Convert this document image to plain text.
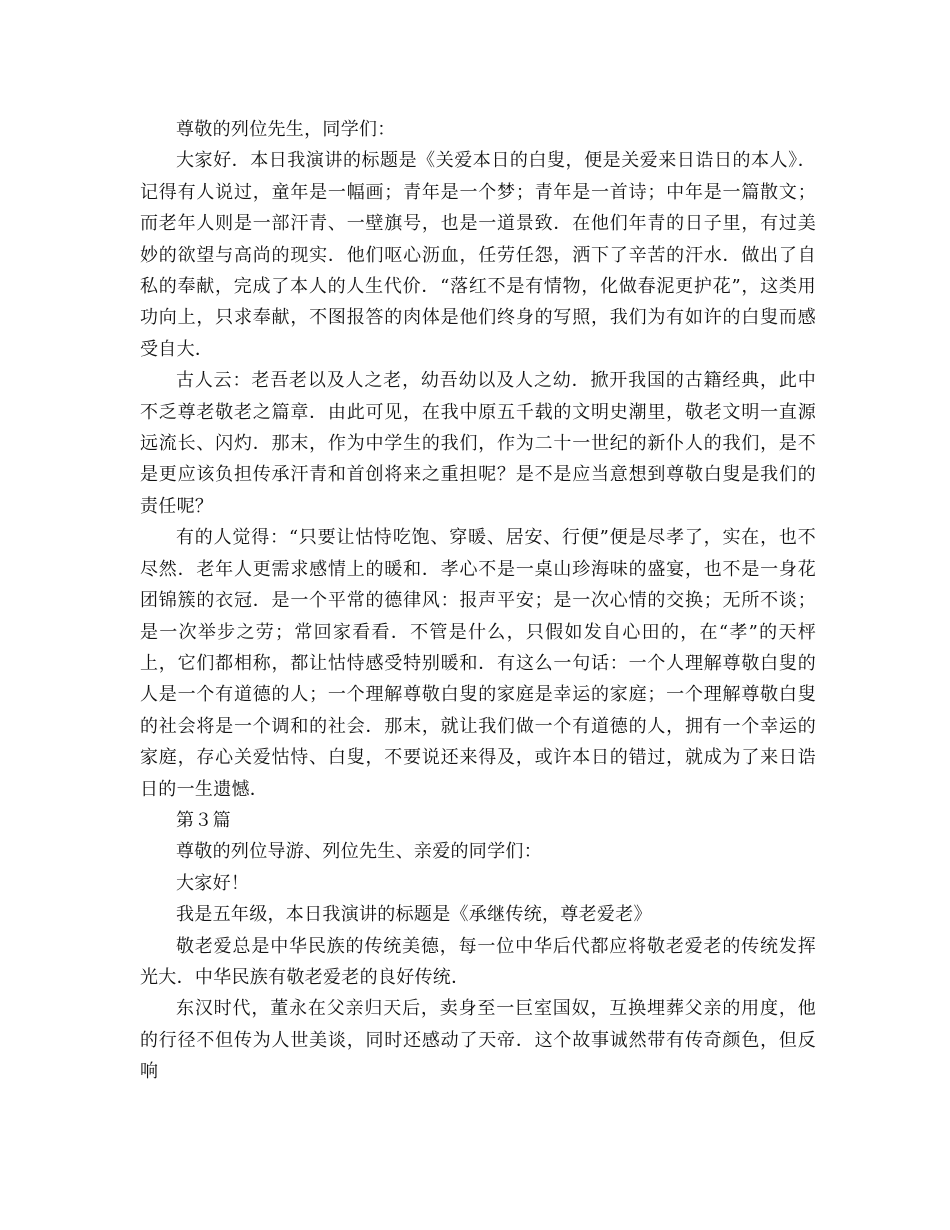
尊敬的列位先生，同学们：

大家好．本日我演讲的标题是《关爱本日的白叟，便是关爱来日诰日的本人》．记得有人说过，童年是一幅画；青年是一个梦；青年是一首诗；中年是一篇散文；而老年人则是一部汗青、一壁旗号，也是一道景致．在他们年青的日子里，有过美妙的欲望与高尚的现实．他们呕心沥血，任劳任怨，洒下了辛苦的汗水．做出了自私的奉献，完成了本人的人生代价．“落红不是有情物，化做春泥更护花”，这类用功向上，只求奉献，不图报答的肉体是他们终身的写照，我们为有如许的白叟而感受自大．

古人云：老吾老以及人之老，幼吾幼以及人之幼．掀开我国的古籍经典，此中不乏尊老敬老之篇章．由此可见，在我中原五千载的文明史潮里，敬老文明一直源远流长、闪灼．那末，作为中学生的我们，作为二十一世纪的新仆人的我们，是不是更应该负担传承汗青和首创将来之重担呢？是不是应当意想到尊敬白叟是我们的责任呢？

有的人觉得：“只要让怙恃吃饱、穿暖、居安、行便”便是尽孝了，实在，也不尽然．老年人更需求感情上的暖和．孝心不是一桌山珍海味的盛宴，也不是一身花团锦簇的衣冠．是一个平常的德律风：报声平安；是一次心情的交换；无所不谈；是一次举步之劳；常回家看看．不管是什么，只假如发自心田的，在“孝”的天枰上，它们都相称，都让怙恃感受特别暖和．有这么一句话：一个人理解尊敬白叟的人是一个有道德的人；一个理解尊敬白叟的家庭是幸运的家庭；一个理解尊敬白叟的社会将是一个调和的社会．那末，就让我们做一个有道德的人，拥有一个幸运的家庭，存心关爱怙恃、白叟，不要说还来得及，或许本日的错过，就成为了来日诰日的一生遗憾．

第３篇

尊敬的列位导游、列位先生、亲爱的同学们：

大家好！

我是五年级，本日我演讲的标题是《承继传统，尊老爱老》

敬老爱总是中华民族的传统美德，每一位中华后代都应将敬老爱老的传统发挥光大．中华民族有敬老爱老的良好传统．

东汉时代，董永在父亲归天后，卖身至一巨室国奴，互换埋葬父亲的用度，他的行径不但传为人世美谈，同时还感动了天帝．这个故事诚然带有传奇颜色，但反响
